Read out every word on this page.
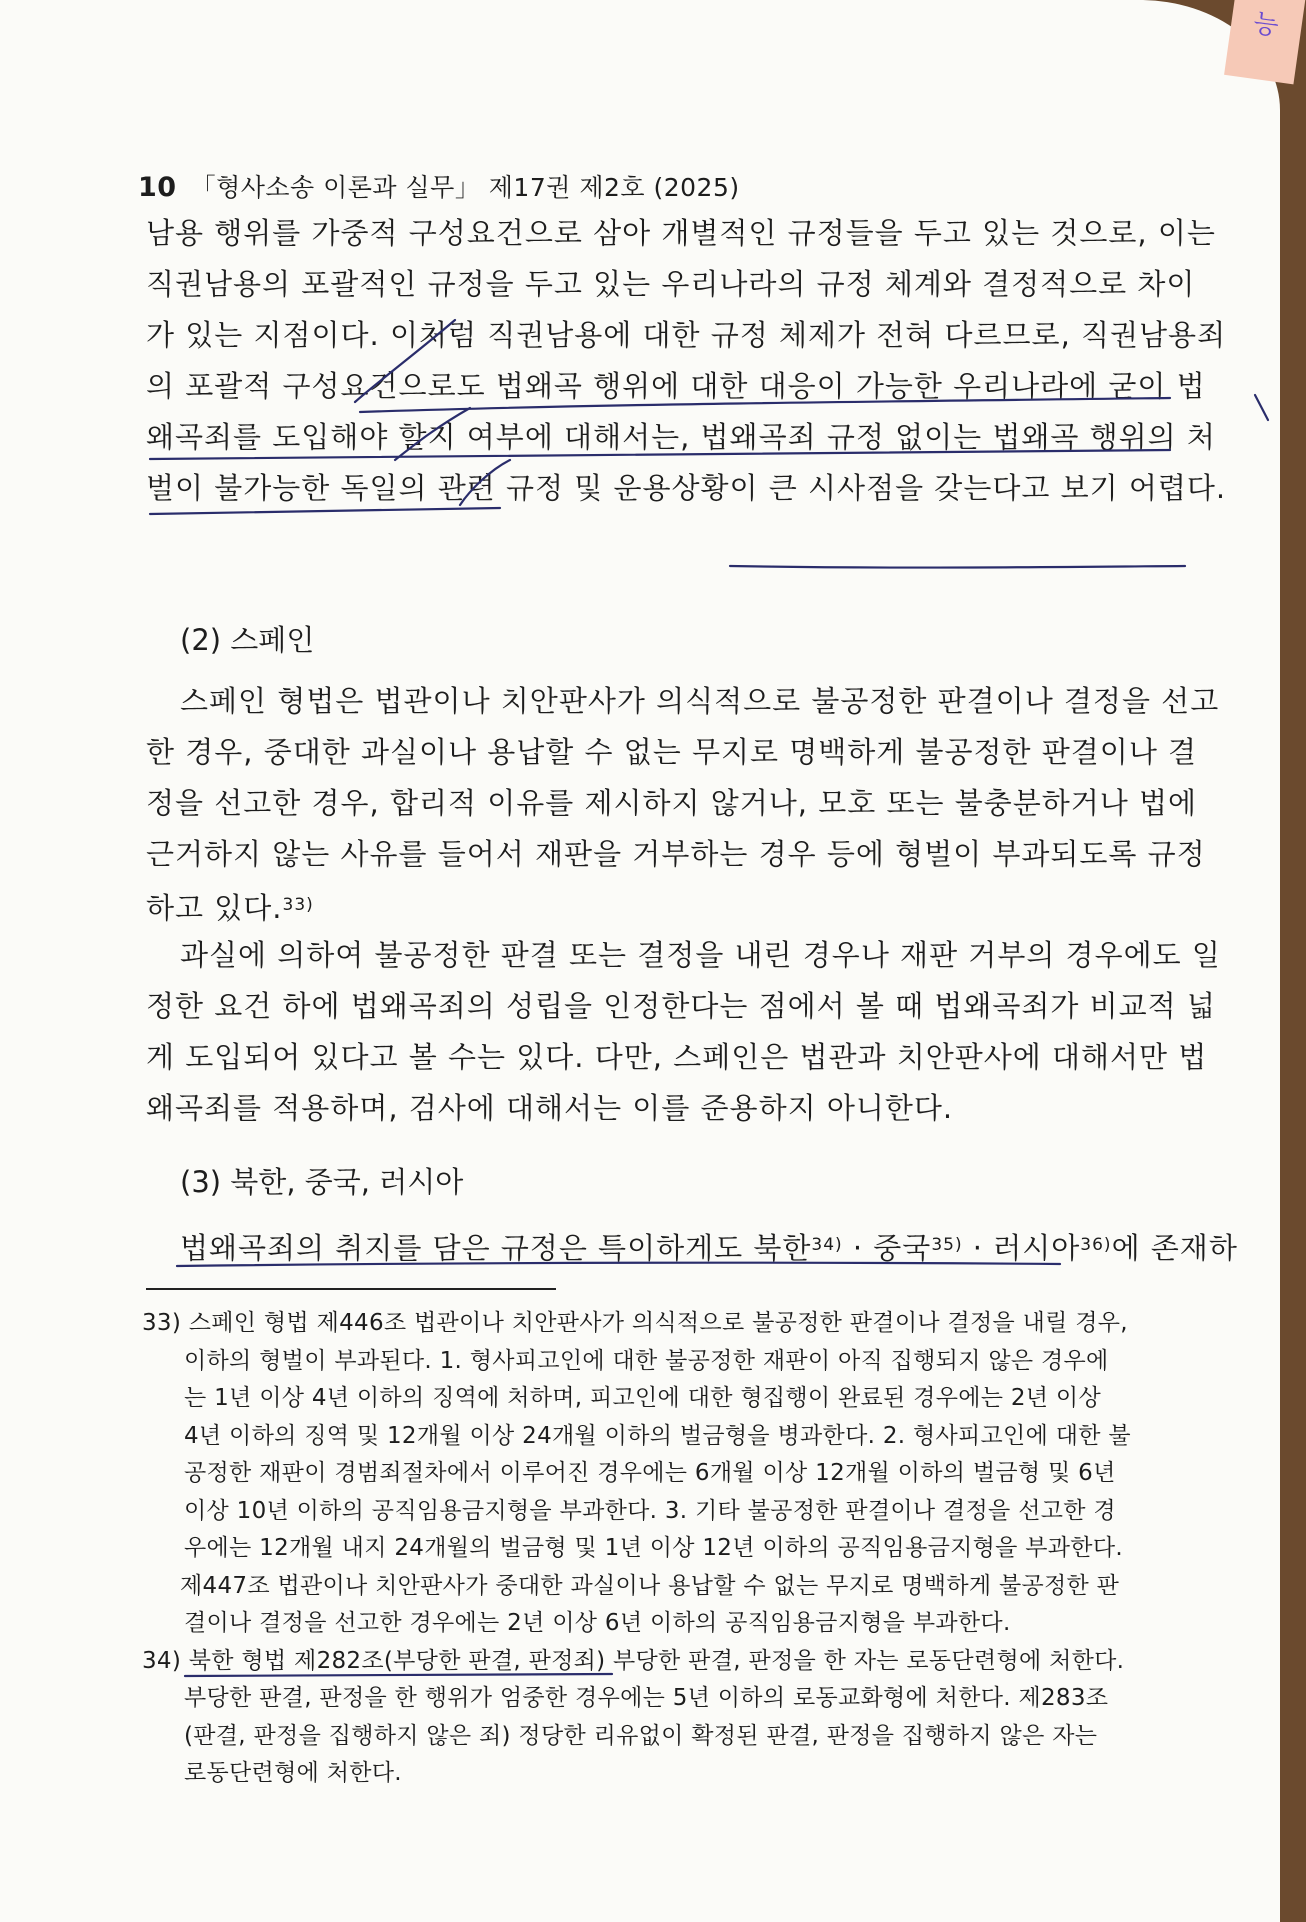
능
10 「형사소송 이론과 실무」 제17권 제2호 (2025)
남용 행위를 가중적 구성요건으로 삼아 개별적인 규정들을 두고 있는 것으로, 이는
직권남용의 포괄적인 규정을 두고 있는 우리나라의 규정 체계와 결정적으로 차이
가 있는 지점이다. 이처럼 직권남용에 대한 규정 체제가 전혀 다르므로, 직권남용죄
의 포괄적 구성요건으로도 법왜곡 행위에 대한 대응이 가능한 우리나라에 굳이 법
왜곡죄를 도입해야 할지 여부에 대해서는, 법왜곡죄 규정 없이는 법왜곡 행위의 처
벌이 불가능한 독일의 관련 규정 및 운용상황이 큰 시사점을 갖는다고 보기 어렵다.
(2) 스페인
스페인 형법은 법관이나 치안판사가 의식적으로 불공정한 판결이나 결정을 선고
한 경우, 중대한 과실이나 용납할 수 없는 무지로 명백하게 불공정한 판결이나 결
정을 선고한 경우, 합리적 이유를 제시하지 않거나, 모호 또는 불충분하거나 법에
근거하지 않는 사유를 들어서 재판을 거부하는 경우 등에 형벌이 부과되도록 규정
하고 있다.$^{33)}$
과실에 의하여 불공정한 판결 또는 결정을 내린 경우나 재판 거부의 경우에도 일
정한 요건 하에 법왜곡죄의 성립을 인정한다는 점에서 볼 때 법왜곡죄가 비교적 넓
게 도입되어 있다고 볼 수는 있다. 다만, 스페인은 법관과 치안판사에 대해서만 법
왜곡죄를 적용하며, 검사에 대해서는 이를 준용하지 아니한다.
(3) 북한, 중국, 러시아
법왜곡죄의 취지를 담은 규정은 특이하게도 북한$^{34)}$ · 중국$^{35)}$ · 러시아$^{36)}$에 존재하
33) 스페인 형법 제446조 법관이나 치안판사가 의식적으로 불공정한 판결이나 결정을 내릴 경우,
이하의 형벌이 부과된다. 1. 형사피고인에 대한 불공정한 재판이 아직 집행되지 않은 경우에
는 1년 이상 4년 이하의 징역에 처하며, 피고인에 대한 형집행이 완료된 경우에는 2년 이상
4년 이하의 징역 및 12개월 이상 24개월 이하의 벌금형을 병과한다. 2. 형사피고인에 대한 불
공정한 재판이 경범죄절차에서 이루어진 경우에는 6개월 이상 12개월 이하의 벌금형 및 6년
이상 10년 이하의 공직임용금지형을 부과한다. 3. 기타 불공정한 판결이나 결정을 선고한 경
우에는 12개월 내지 24개월의 벌금형 및 1년 이상 12년 이하의 공직임용금지형을 부과한다.
제447조 법관이나 치안판사가 중대한 과실이나 용납할 수 없는 무지로 명백하게 불공정한 판
결이나 결정을 선고한 경우에는 2년 이상 6년 이하의 공직임용금지형을 부과한다.
34) 북한 형법 제282조(부당한 판결, 판정죄) 부당한 판결, 판정을 한 자는 로동단련형에 처한다.
부당한 판결, 판정을 한 행위가 엄중한 경우에는 5년 이하의 로동교화형에 처한다. 제283조
(판결, 판정을 집행하지 않은 죄) 정당한 리유없이 확정된 판결, 판정을 집행하지 않은 자는
로동단련형에 처한다.
